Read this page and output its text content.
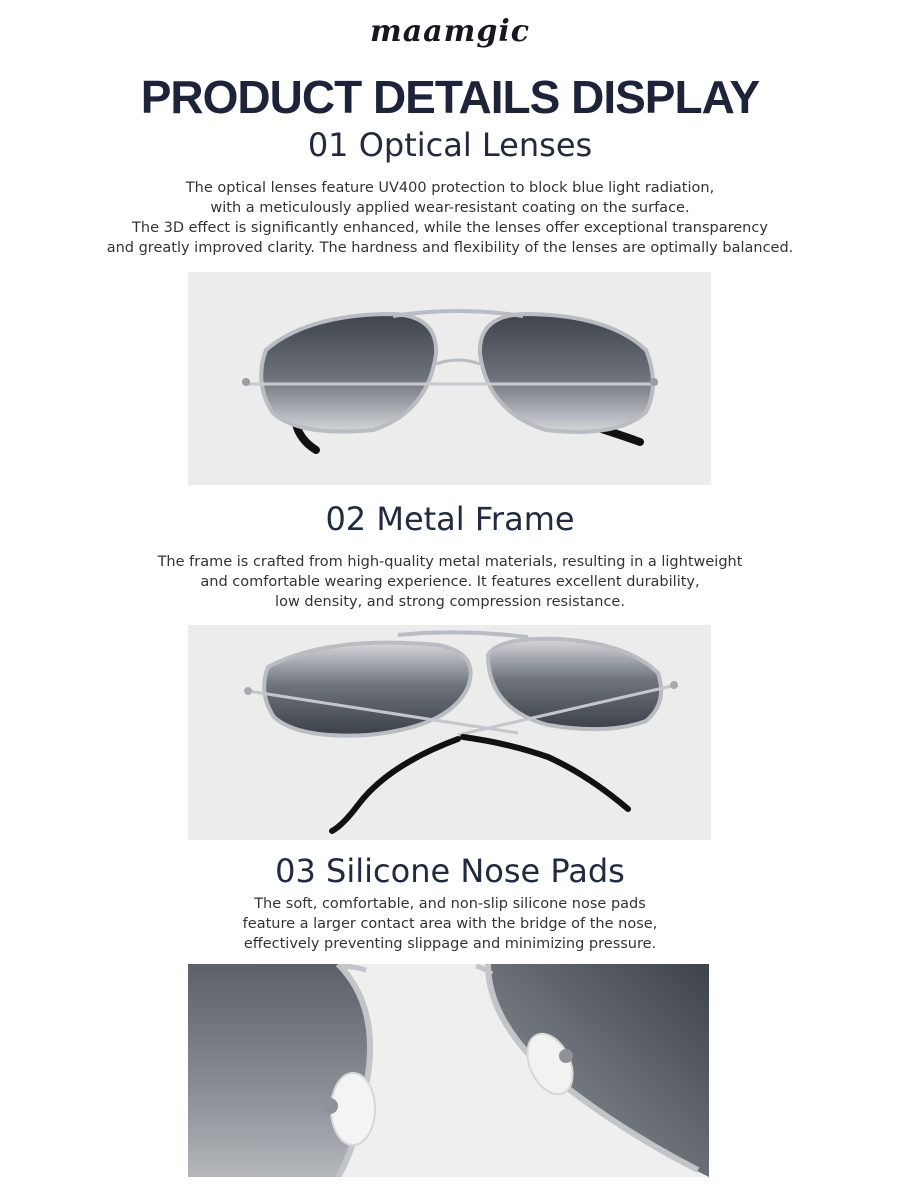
maamgic
PRODUCT DETAILS DISPLAY
01 Optical Lenses
The optical lenses feature UV400 protection to block blue light radiation,
with a meticulously applied wear-resistant coating on the surface.
The 3D effect is significantly enhanced, while the lenses offer exceptional transparency
and greatly improved clarity. The hardness and flexibility of the lenses are optimally balanced.
02 Metal Frame
The frame is crafted from high-quality metal materials, resulting in a lightweight
and comfortable wearing experience. It features excellent durability,
low density, and strong compression resistance.
03 Silicone Nose Pads
The soft, comfortable, and non-slip silicone nose pads
feature a larger contact area with the bridge of the nose,
effectively preventing slippage and minimizing pressure.
